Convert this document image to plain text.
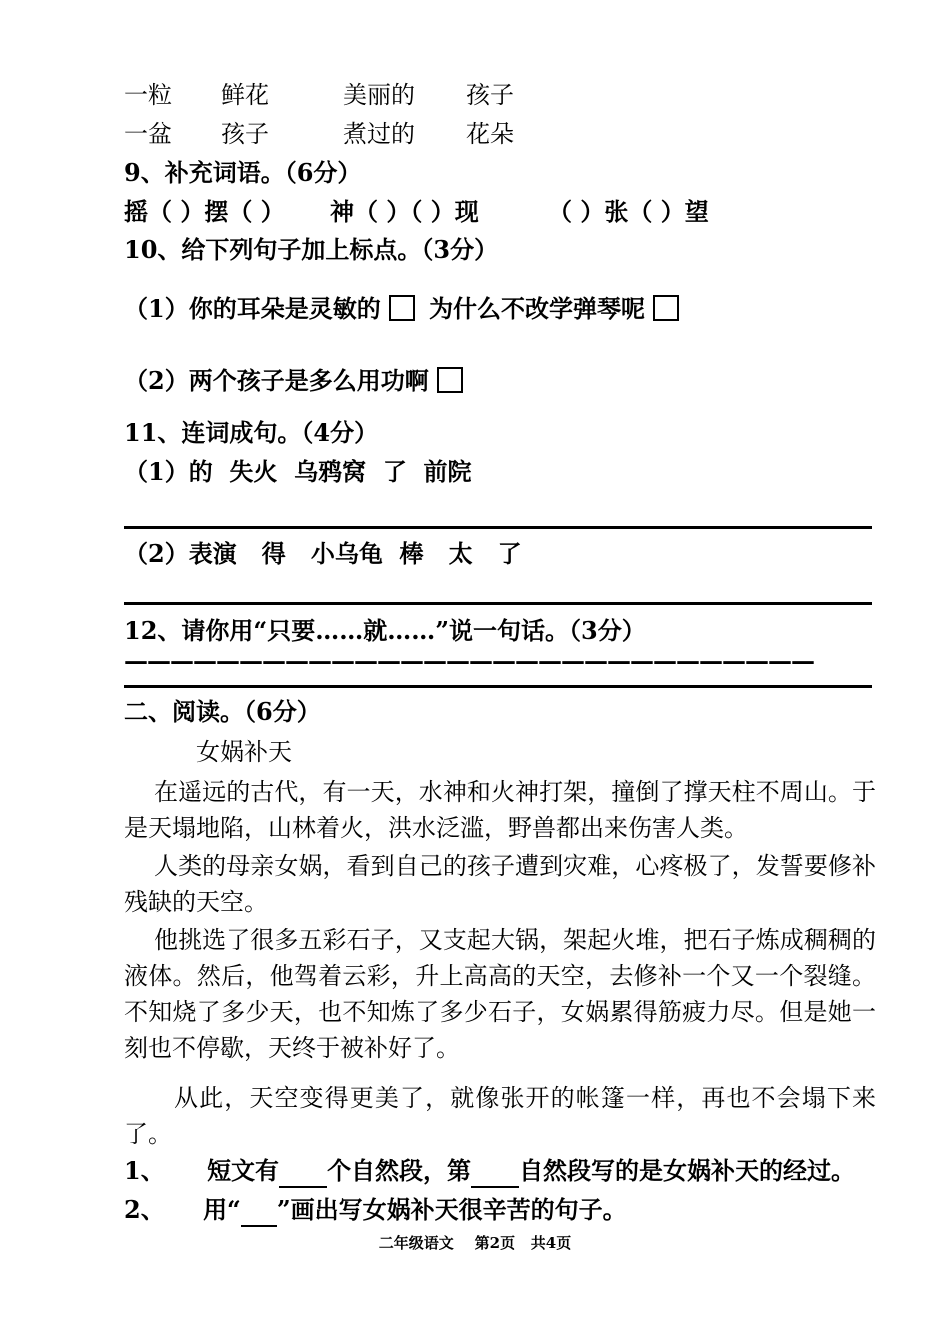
一粒 鲜花	美丽的 孩子
一盆 孩子	煮过的 花朵
9、补充词语。（6分）
摇（ ）摆（ ） 神（ ）（ ）现	（ ）张（ ）望
10、给下列句子加上标点。（3分）
（1）你的耳朵是灵敏的 为什么不改学弹琴呢
（2）两个孩子是多么用功啊
11、连词成句。（4分）
（1）的  失火  乌鸦窝  了  前院
（2）表演   得   小乌龟  棒   太   了
12、请你用“只要……就……”说一句话。（3分）
——————————————————————————————
二、阅读。（6分）
女娲补天
在遥远的古代，有一天，水神和火神打架，撞倒了撑天柱不周山。于是天塌地陷，山林着火，洪水泛滥，野兽都出来伤害人类。
人类的母亲女娲，看到自己的孩子遭到灾难，心疼极了，发誓要修补残缺的天空。
他挑选了很多五彩石子，又支起大锅，架起火堆，把石子炼成稠稠的液体。然后，他驾着云彩，升上高高的天空，去修补一个又一个裂缝。不知烧了多少天，也不知炼了多少石子，女娲累得筋疲力尽。但是她一刻也不停歇，天终于被补好了。
从此，天空变得更美了，就像张开的帐篷一样，再也不会塌下来了。
1、 短文有 个自然段，第 自然段写的是女娲补天的经过。
2、 用“ ”画出写女娲补天很辛苦的句子。
二年级语文    第2页   共4页
